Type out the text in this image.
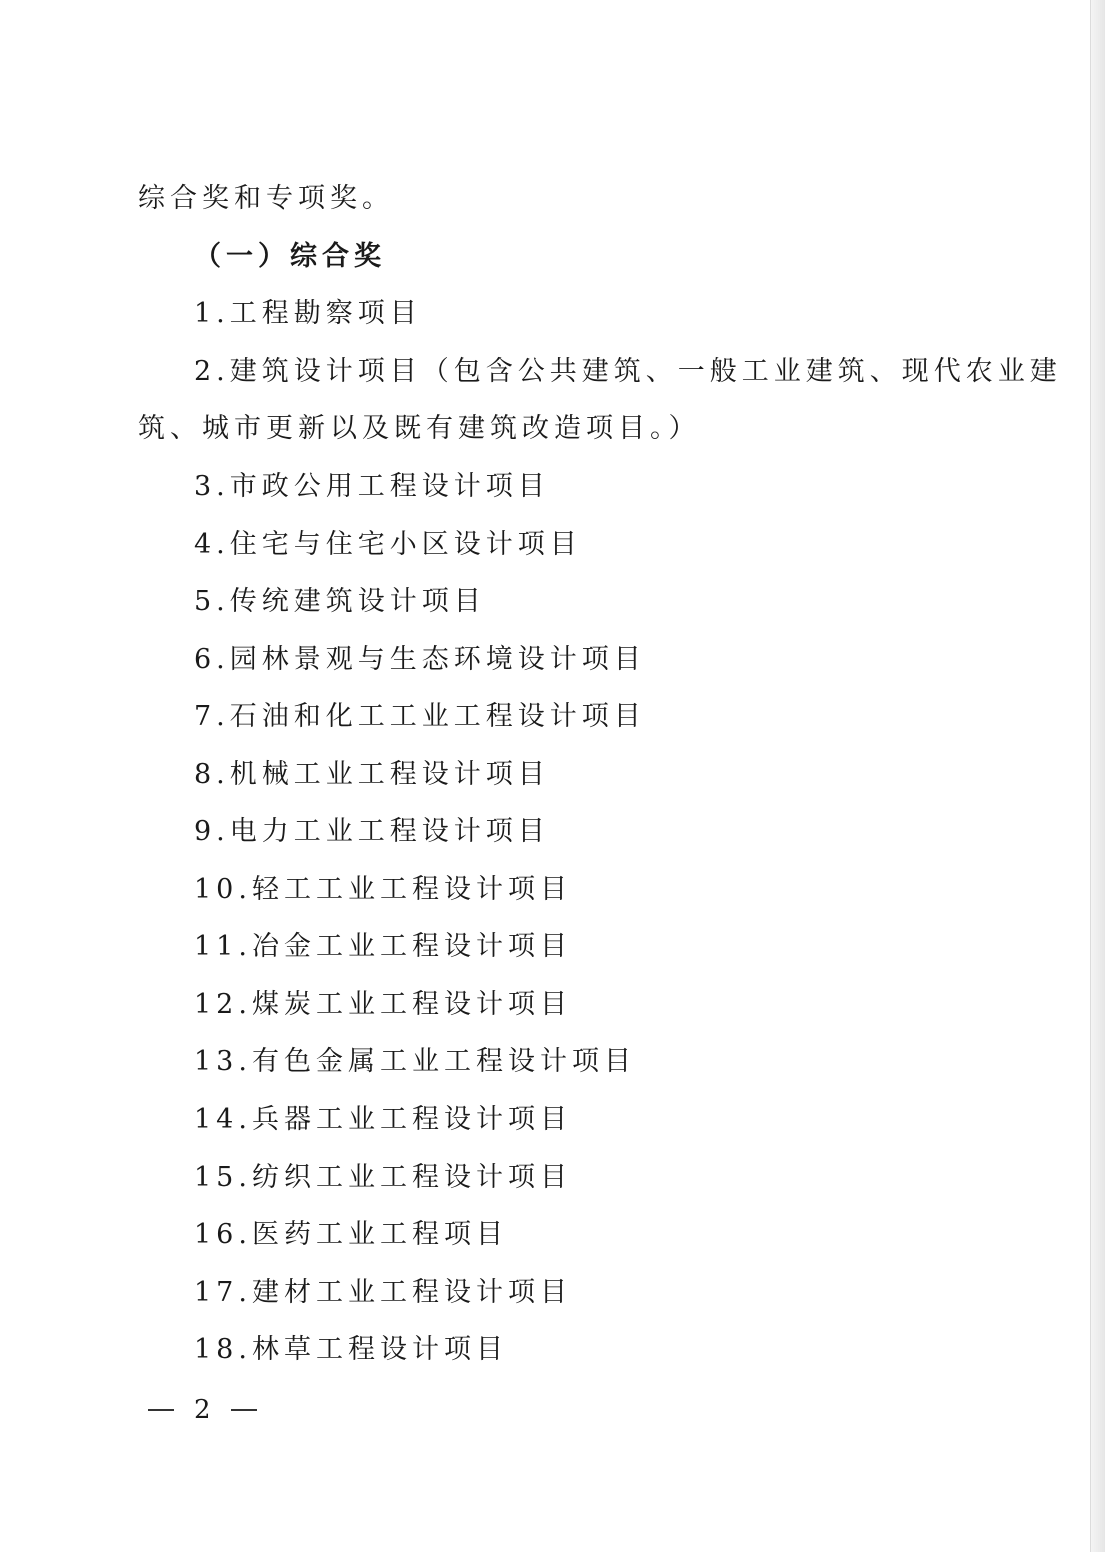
综合奖和专项奖。
（一）综合奖
1.工程勘察项目
2.建筑设计项目（包含公共建筑、一般工业建筑、现代农业建
筑、城市更新以及既有建筑改造项目。）
3.市政公用工程设计项目
4.住宅与住宅小区设计项目
5.传统建筑设计项目
6.园林景观与生态环境设计项目
7.石油和化工工业工程设计项目
8.机械工业工程设计项目
9.电力工业工程设计项目
10.轻工工业工程设计项目
11.冶金工业工程设计项目
12.煤炭工业工程设计项目
13.有色金属工业工程设计项目
14.兵器工业工程设计项目
15.纺织工业工程设计项目
16.医药工业工程项目
17.建材工业工程设计项目
18.林草工程设计项目
2
